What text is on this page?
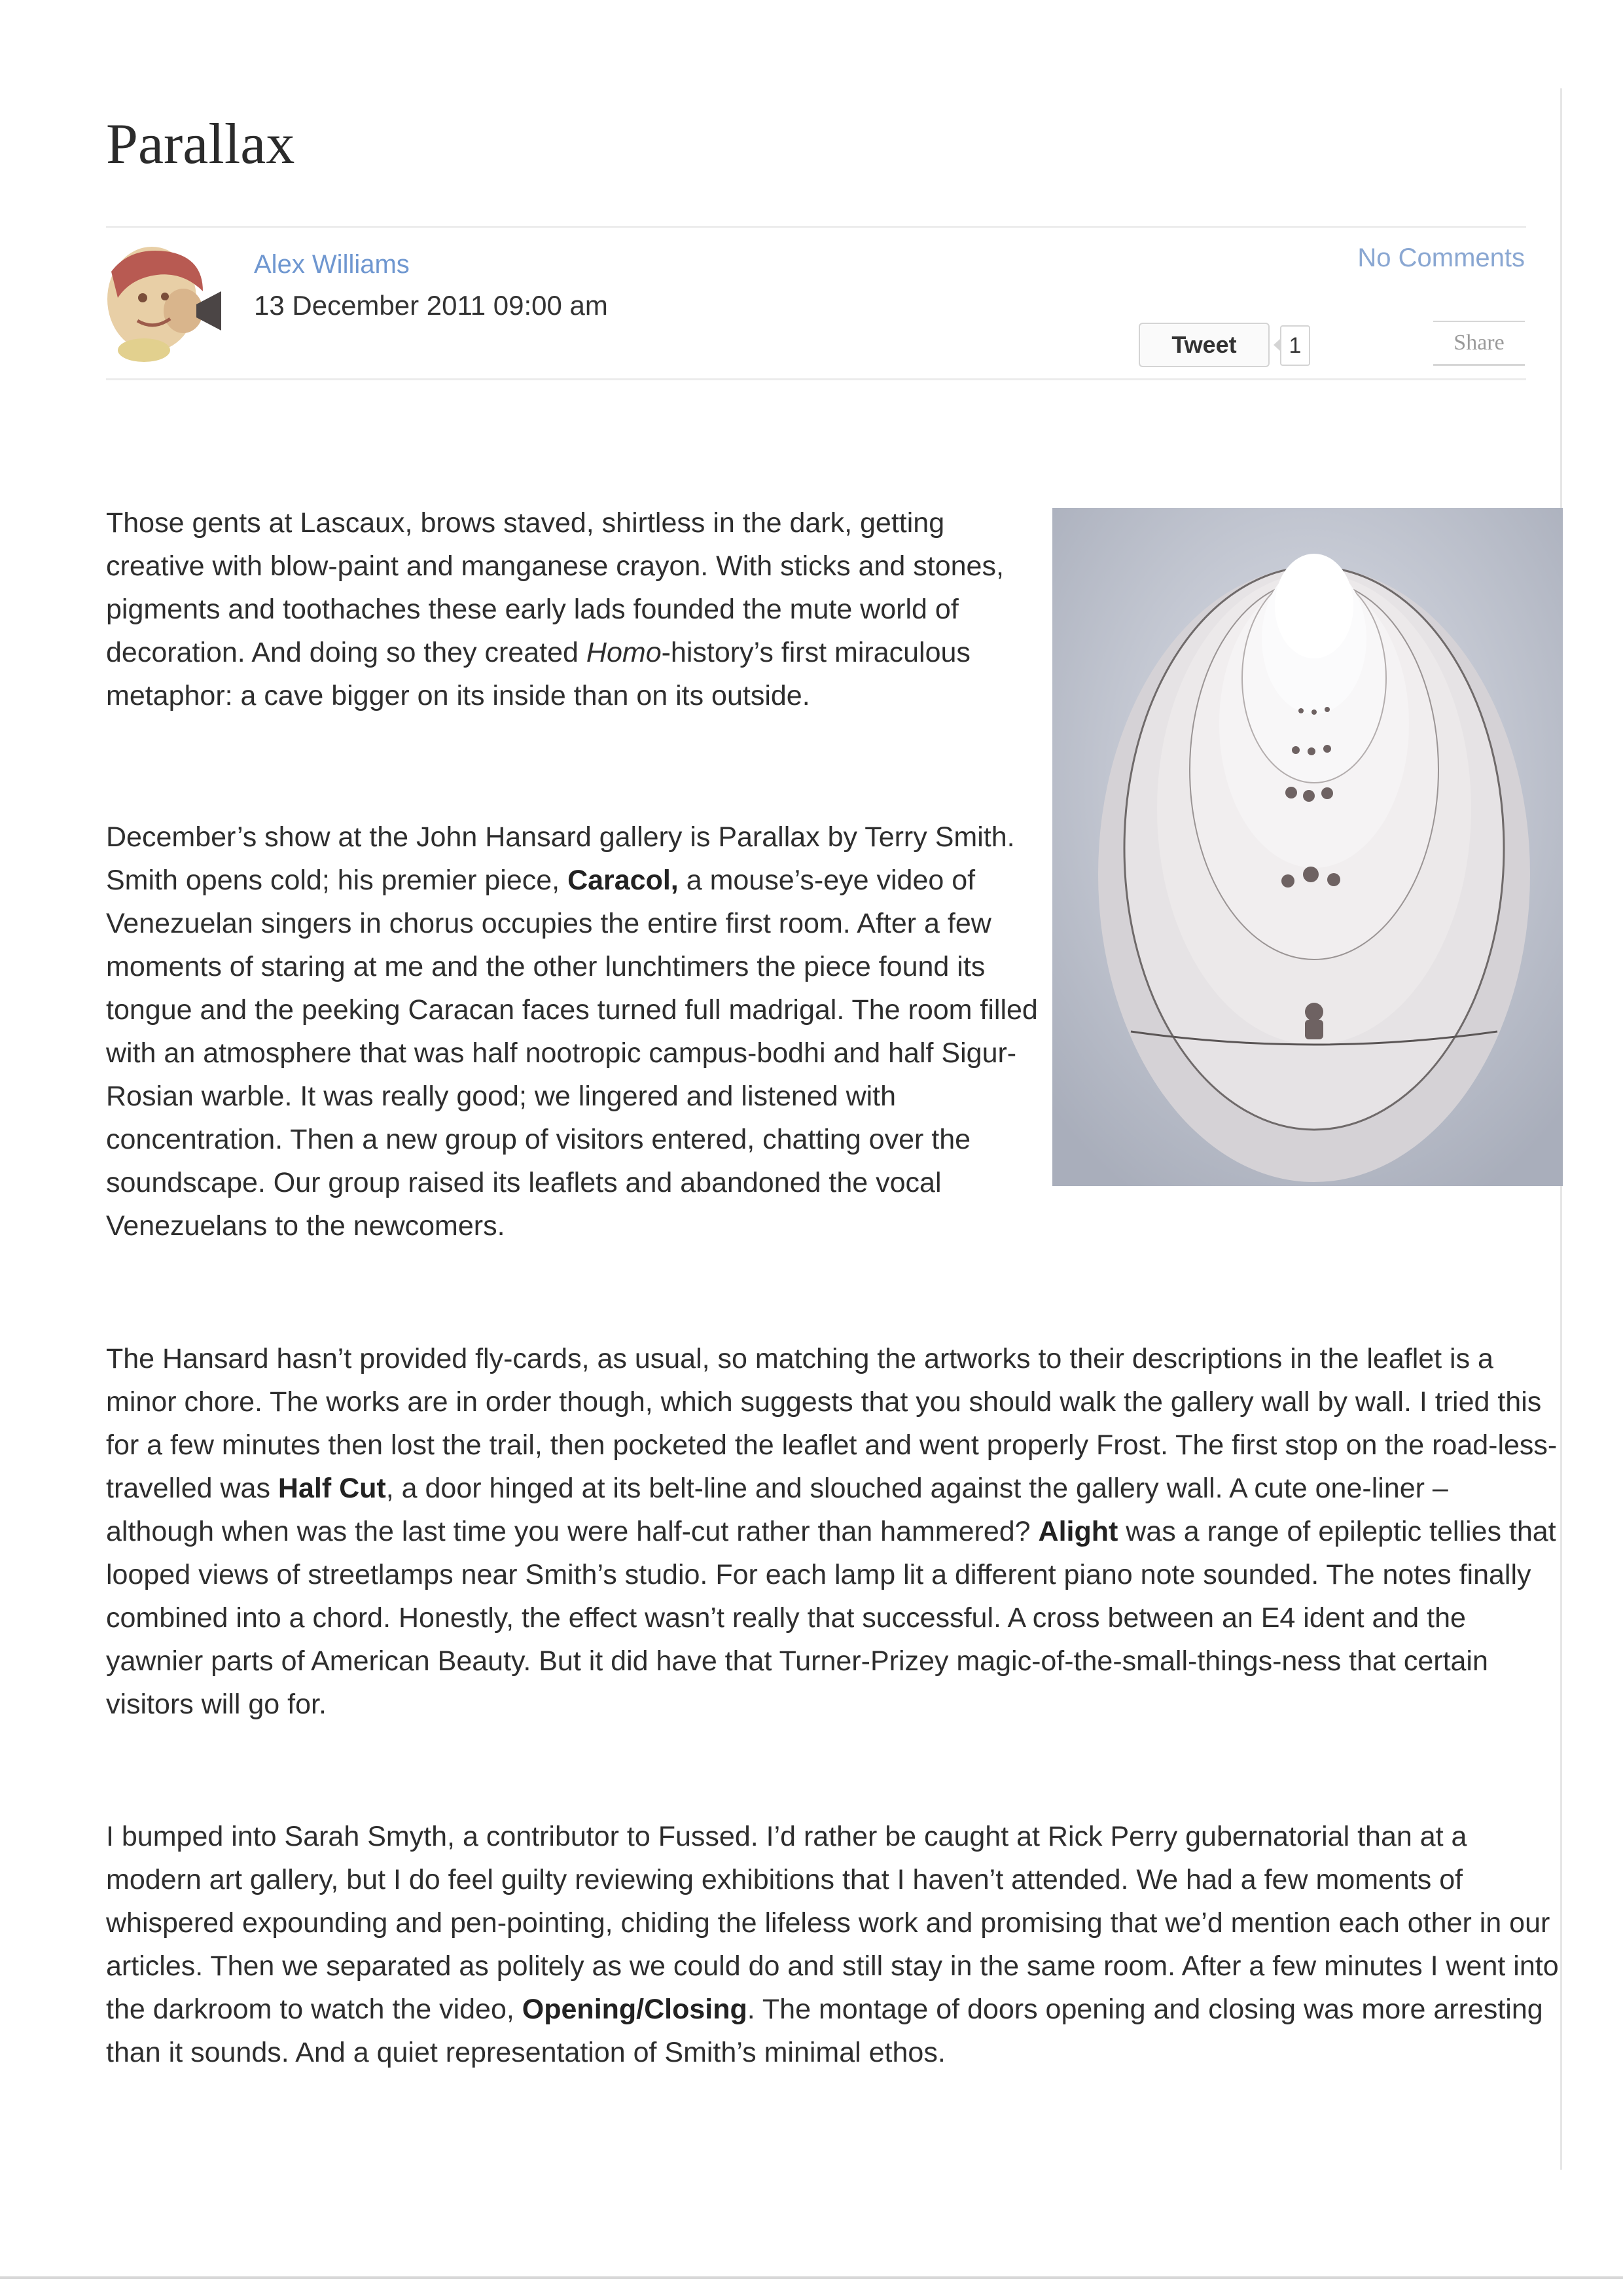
Parallax
Alex Williams
13 December 2011 09:00 am
No Comments
Tweet	1	Share

Those gents at Lascaux, brows staved, shirtless in the dark, getting creative with blow-paint and manganese crayon. With sticks and stones, pigments and toothaches these early lads founded the mute world of decoration. And doing so they created Homo-history’s first miraculous metaphor: a cave bigger on its inside than on its outside.

December’s show at the John Hansard gallery is Parallax by Terry Smith. Smith opens cold; his premier piece, Caracol, a mouse’s-eye video of Venezuelan singers in chorus occupies the entire first room. After a few moments of staring at me and the other lunchtimers the piece found its tongue and the peeking Caracan faces turned full madrigal. The room filled with an atmosphere that was half nootropic campus-bodhi and half Sigur-Rosian warble. It was really good; we lingered and listened with concentration. Then a new group of visitors entered, chatting over the soundscape. Our group raised its leaflets and abandoned the vocal Venezuelans to the newcomers.

The Hansard hasn’t provided fly-cards, as usual, so matching the artworks to their descriptions in the leaflet is a minor chore. The works are in order though, which suggests that you should walk the gallery wall by wall. I tried this for a few minutes then lost the trail, then pocketed the leaflet and went properly Frost. The first stop on the road-less-travelled was Half Cut, a door hinged at its belt-line and slouched against the gallery wall. A cute one-liner – although when was the last time you were half-cut rather than hammered? Alight was a range of epileptic tellies that looped views of streetlamps near Smith’s studio. For each lamp lit a different piano note sounded. The notes finally combined into a chord. Honestly, the effect wasn’t really that successful. A cross between an E4 ident and the yawnier parts of American Beauty. But it did have that Turner-Prizey magic-of-the-small-things-ness that certain visitors will go for.

I bumped into Sarah Smyth, a contributor to Fussed. I’d rather be caught at Rick Perry gubernatorial than at a modern art gallery, but I do feel guilty reviewing exhibitions that I haven’t attended. We had a few moments of whispered expounding and pen-pointing, chiding the lifeless work and promising that we’d mention each other in our articles. Then we separated as politely as we could do and still stay in the same room. After a few minutes I went into the darkroom to watch the video, Opening/Closing. The montage of doors opening and closing was more arresting than it sounds. And a quiet representation of Smith’s minimal ethos.
